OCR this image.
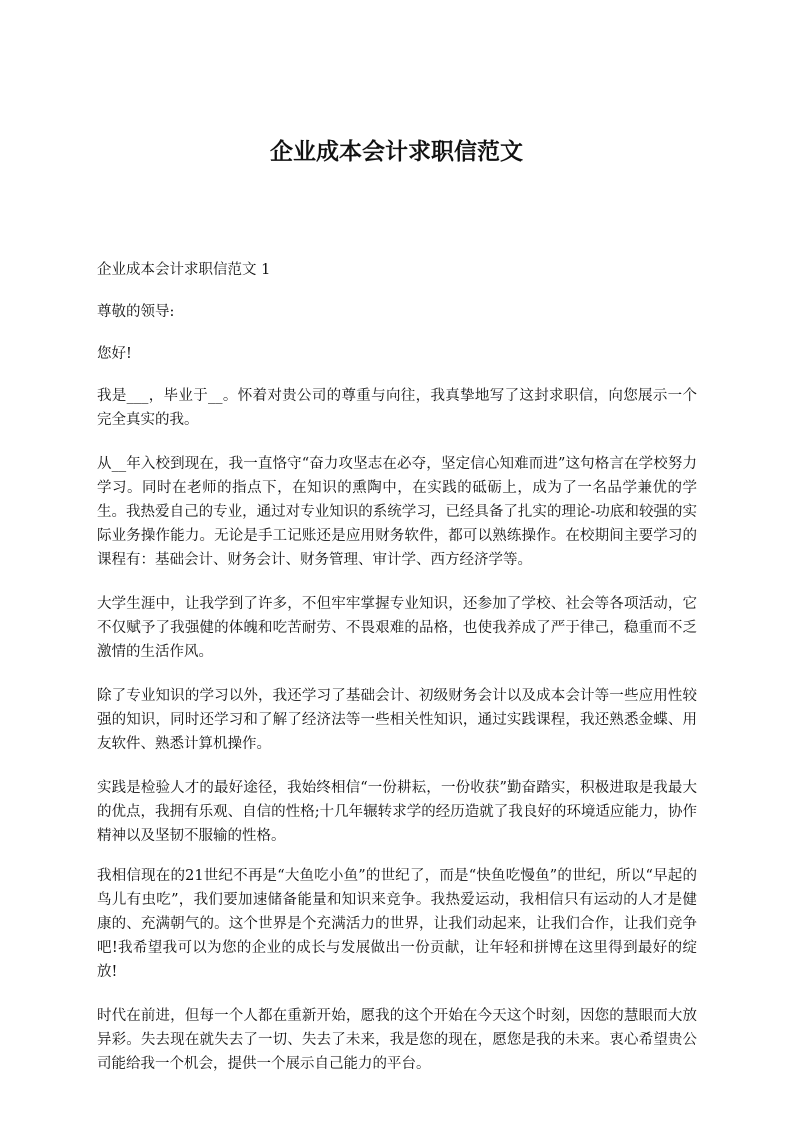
企业成本会计求职信范文

企业成本会计求职信范文 1

尊敬的领导:

您好!

我是___，毕业于__。怀着对贵公司的尊重与向往，我真挚地写了这封求职信，向您展示一个完全真实的我。

从__年入校到现在，我一直恪守“奋力攻坚志在必夺，坚定信心知难而进”这句格言在学校努力学习。同时在老师的指点下，在知识的熏陶中，在实践的砥砺上，成为了一名品学兼优的学生。我热爱自己的专业，通过对专业知识的系统学习，已经具备了扎实的理论-功底和较强的实际业务操作能力。无论是手工记账还是应用财务软件，都可以熟练操作。在校期间主要学习的课程有：基础会计、财务会计、财务管理、审计学、西方经济学等。

大学生涯中，让我学到了许多，不但牢牢掌握专业知识，还参加了学校、社会等各项活动，它不仅赋予了我强健的体魄和吃苦耐劳、不畏艰难的品格，也使我养成了严于律己，稳重而不乏激情的生活作风。

除了专业知识的学习以外，我还学习了基础会计、初级财务会计以及成本会计等一些应用性较强的知识，同时还学习和了解了经济法等一些相关性知识，通过实践课程，我还熟悉金蝶、用友软件、熟悉计算机操作。

实践是检验人才的最好途径，我始终相信“一份耕耘，一份收获”勤奋踏实，积极进取是我最大的优点，我拥有乐观、自信的性格;十几年辗转求学的经历造就了我良好的环境适应能力，协作精神以及坚韧不服输的性格。

我相信现在的21世纪不再是“大鱼吃小鱼”的世纪了，而是“快鱼吃慢鱼”的世纪，所以“早起的鸟儿有虫吃”，我们要加速储备能量和知识来竞争。我热爱运动，我相信只有运动的人才是健康的、充满朝气的。这个世界是个充满活力的世界，让我们动起来，让我们合作，让我们竞争吧!我希望我可以为您的企业的成长与发展做出一份贡献，让年轻和拼博在这里得到最好的绽放!

时代在前进，但每一个人都在重新开始，愿我的这个开始在今天这个时刻，因您的慧眼而大放异彩。失去现在就失去了一切、失去了未来，我是您的现在，愿您是我的未来。衷心希望贵公司能给我一个机会，提供一个展示自己能力的平台。
